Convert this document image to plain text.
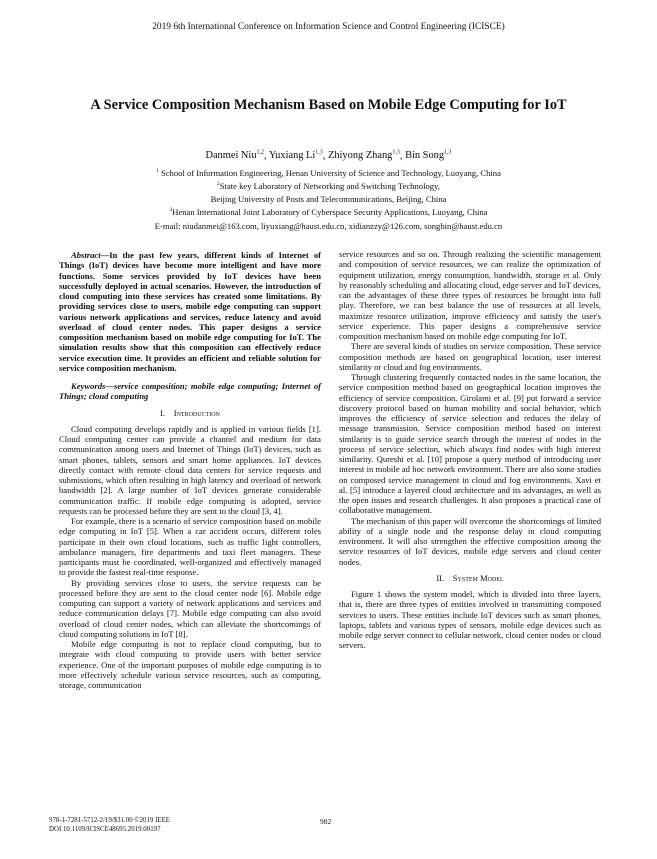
2019 6th International Conference on Information Science and Control Engineering (ICISCE)
A Service Composition Mechanism Based on Mobile Edge Computing for IoT
Danmei Niu$^{1,2}$, Yuxiang Li$^{1,3}$, Zhiyong Zhang$^{1,3}$, Bin Song$^{1,3}$
$^1$ School of Information Engineering, Henan University of Science and Technology, Luoyang, China
$^2$State key Laboratory of Networking and Switching Technology,
Beijing University of Posts and Telecommunications, Beijing, China
$^3$Henan International Joint Laboratory of Cyberspace Security Applications, Luoyang, China
E-mail: niudanmei@163.com, liyuxiang@haust.edu.cn, xidianzzy@126.com, songbin@haust.edu.cn

Abstract—In the past few years, different kinds of Internet of Things (IoT) devices have become more intelligent and have more functions. Some services provided by IoT devices have been successfully deployed in actual scenarios. However, the introduction of cloud computing into these services has created some limitations. By providing services close to users, mobile edge computing can support various network applications and services, reduce latency and avoid overload of cloud center nodes. This paper designs a service composition mechanism based on mobile edge computing for IoT. The simulation results show that this composition can effectively reduce service execution time. It provides an efficient and reliable solution for service composition mechanism.

Keywords—service composition; mobile edge computing; Internet of Things; cloud computing

I. Introduction

Cloud computing develops rapidly and is applied in various fields [1]. Cloud computing center can provide a channel and medium for data communication among users and Internet of Things (IoT) devices, such as smart phones, tablets, sensors and smart home appliances. IoT devices directly contact with remote cloud data centers for service requests and submissions, which often resulting in high latency and overload of network bandwidth [2]. A large number of IoT devices generate considerable communication traffic. If mobile edge computing is adopted, service requests can be processed before they are sent to the cloud [3, 4].

For example, there is a scenario of service composition based on mobile edge computing in IoT [5]. When a car accident occurs, different roles participate in their own cloud locations, such as traffic light controllers, ambulance managers, fire departments and taxi fleet managers. These participants must be coordinated, well-organized and effectively managed to provide the fastest real-time response.

By providing services close to users, the service requests can be processed before they are sent to the cloud center node [6]. Mobile edge computing can support a variety of network applications and services and reduce communication delays [7]. Mobile edge computing can also avoid overload of cloud center nodes, which can alleviate the shortcomings of cloud computing solutions in IoT [8].

Mobile edge computing is not to replace cloud computing, but to integrate with cloud computing to provide users with better service experience. One of the important purposes of mobile edge computing is to more effectively schedule various service resources, such as computing, storage, communication

service resources and so on. Through realizing the scientific management and composition of service resources, we can realize the optimization of equipment utilization, energy consumption, bandwidth, storage et al. Only by reasonably scheduling and allocating cloud, edge server and IoT devices, can the advantages of these three types of resources be brought into full play. Therefore, we can best balance the use of resources at all levels, maximize resource utilization, improve efficiency and satisfy the user's service experience. This paper designs a comprehensive service composition mechanism based on mobile edge computing for IoT.

There are several kinds of studies on service composition. These service composition methods are based on geographical location, user interest similarity or cloud and fog environments.

Through clustering frequently contacted nodes in the same location, the service composition method based on geographical location improves the efficiency of service composition. Girolami et al. [9] put forward a service discovery protocol based on human mobility and social behavior, which improves the efficiency of service selection and reduces the delay of message transmission. Service composition method based on interest similarity is to guide service search through the interest of nodes in the process of service selection, which always find nodes with high interest similarity. Qureshi et al. [10] propose a query method of introducing user interest in mobile ad hoc network environment. There are also some studies on composed service management in cloud and fog environments. Xavi et al. [5] introduce a layered cloud architecture and its advantages, as well as the open issues and research challenges. It also proposes a practical case of collaborative management.

The mechanism of this paper will overcome the shortcomings of limited ability of a single node and the response delay in cloud computing environment. It will also strengthen the effective composition among the service resources of IoT devices, mobile edge servers and cloud center nodes.

II. System Model

Figure 1 shows the system model, which is divided into three layers, that is, there are three types of entities involved in transmitting composed services to users. These entities include IoT devices such as smart phones, laptops, tablets and various types of sensors, mobile edge devices such as mobile edge server connect to cellular network, cloud center nodes or cloud servers.

978-1-7281-5712-2/19/$31.00 ©2019 IEEE
DOI 10.1109/ICISCE48695.2019.00197
982
